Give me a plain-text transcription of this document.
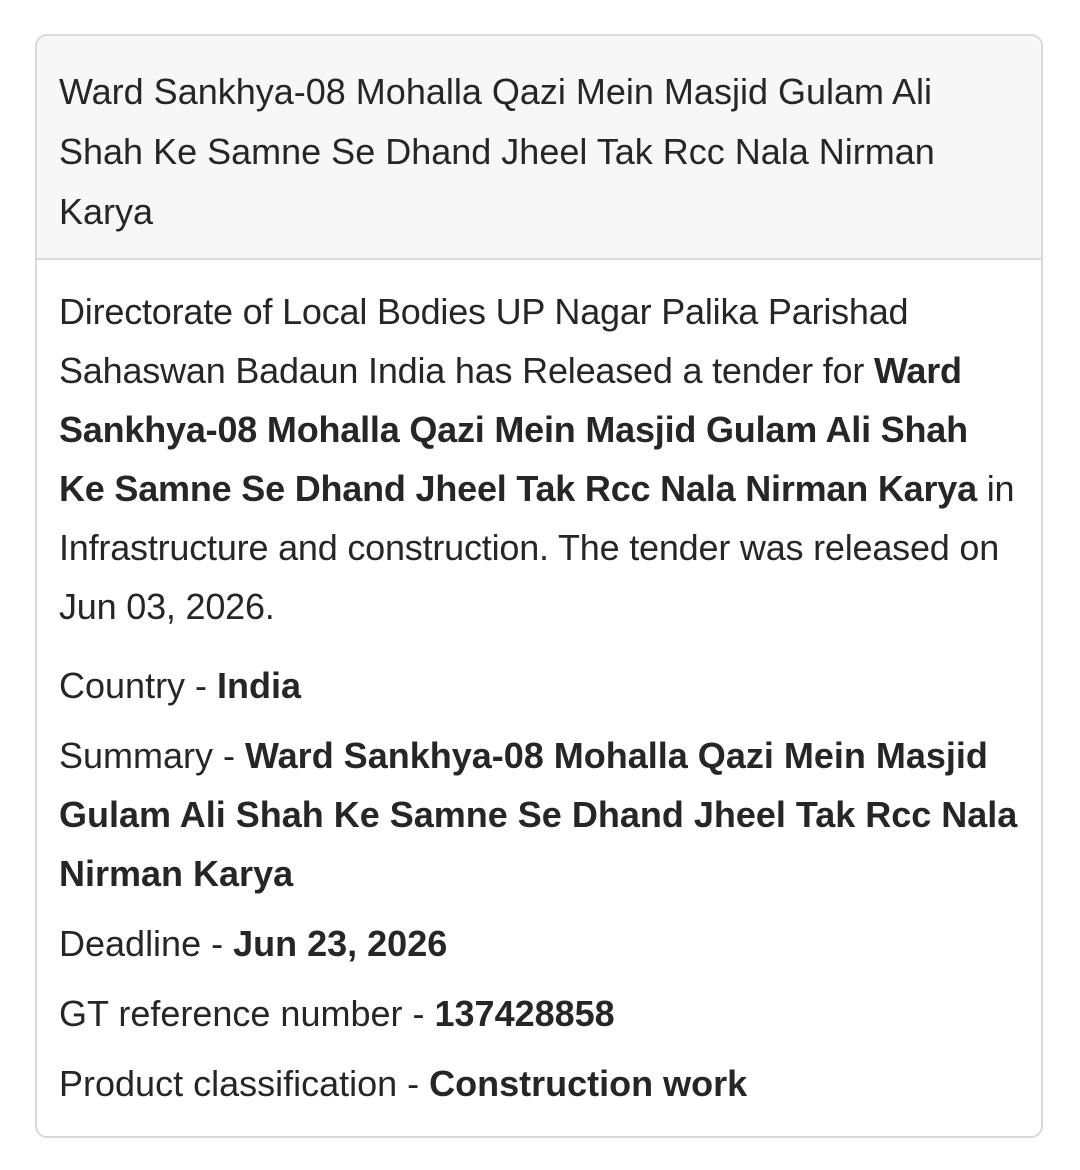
Ward Sankhya-08 Mohalla Qazi Mein Masjid Gulam Ali Shah Ke Samne Se Dhand Jheel Tak Rcc Nala Nirman Karya

Directorate of Local Bodies UP Nagar Palika Parishad Sahaswan Badaun India has Released a tender for Ward Sankhya-08 Mohalla Qazi Mein Masjid Gulam Ali Shah Ke Samne Se Dhand Jheel Tak Rcc Nala Nirman Karya in Infrastructure and construction. The tender was released on Jun 03, 2026.

Country - India
Summary - Ward Sankhya-08 Mohalla Qazi Mein Masjid Gulam Ali Shah Ke Samne Se Dhand Jheel Tak Rcc Nala Nirman Karya
Deadline - Jun 23, 2026
GT reference number - 137428858
Product classification - Construction work
